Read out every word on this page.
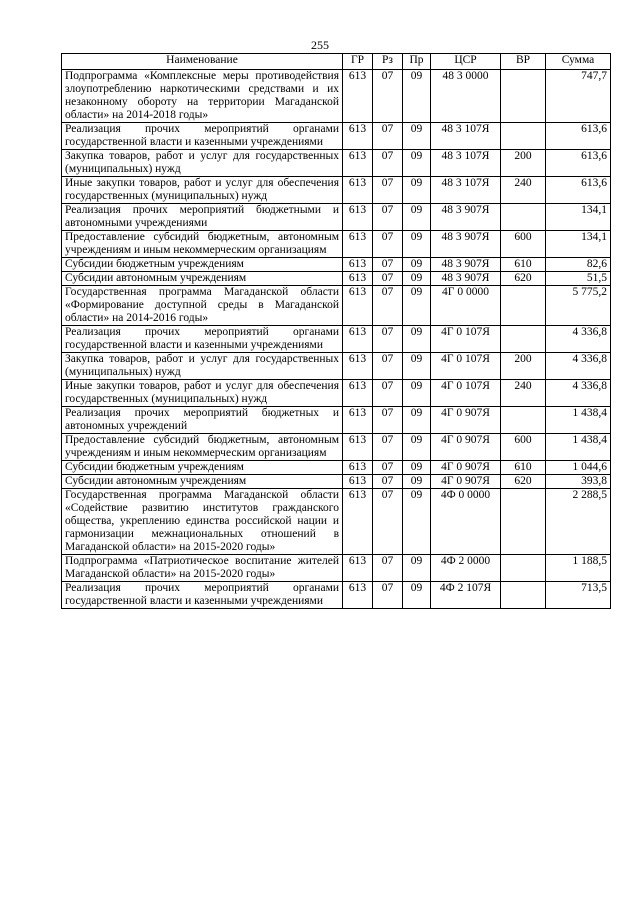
255
Наименование	ГР	Рз	Пр	ЦСР	ВР	Сумма
Подпрограмма «Комплексные меры противодействия злоупотреблению наркотическими средствами и их незаконному обороту на территории Магаданской области» на 2014-2018 годы»	613	07	09	48 3 0000		747,7
Реализация прочих мероприятий органами государственной власти и казенными учреждениями	613	07	09	48 3 107Я		613,6
Закупка товаров, работ и услуг для государственных (муниципальных) нужд	613	07	09	48 3 107Я	200	613,6
Иные закупки товаров, работ и услуг для обеспечения государственных (муниципальных) нужд	613	07	09	48 3 107Я	240	613,6
Реализация прочих мероприятий бюджетными и автономными учреждениями	613	07	09	48 3 907Я		134,1
Предоставление субсидий бюджетным, автономным учреждениям и иным некоммерческим организациям	613	07	09	48 3 907Я	600	134,1
Субсидии бюджетным учреждениям	613	07	09	48 3 907Я	610	82,6
Субсидии автономным учреждениям	613	07	09	48 3 907Я	620	51,5
Государственная программа Магаданской области «Формирование доступной среды в Магаданской области» на 2014-2016 годы»	613	07	09	4Г 0 0000		5 775,2
Реализация прочих мероприятий органами государственной власти и казенными учреждениями	613	07	09	4Г 0 107Я		4 336,8
Закупка товаров, работ и услуг для государственных (муниципальных) нужд	613	07	09	4Г 0 107Я	200	4 336,8
Иные закупки товаров, работ и услуг для обеспечения государственных (муниципальных) нужд	613	07	09	4Г 0 107Я	240	4 336,8
Реализация прочих мероприятий бюджетных и автономных учреждений	613	07	09	4Г 0 907Я		1 438,4
Предоставление субсидий бюджетным, автономным учреждениям и иным некоммерческим организациям	613	07	09	4Г 0 907Я	600	1 438,4
Субсидии бюджетным учреждениям	613	07	09	4Г 0 907Я	610	1 044,6
Субсидии автономным учреждениям	613	07	09	4Г 0 907Я	620	393,8
Государственная программа Магаданской области «Содействие развитию институтов гражданского общества, укреплению единства российской нации и гармонизации межнациональных отношений в Магаданской области» на 2015-2020 годы»	613	07	09	4Ф 0 0000		2 288,5
Подпрограмма «Патриотическое воспитание жителей Магаданской области» на 2015-2020 годы»	613	07	09	4Ф 2 0000		1 188,5
Реализация прочих мероприятий органами государственной власти и казенными учреждениями	613	07	09	4Ф 2 107Я		713,5
